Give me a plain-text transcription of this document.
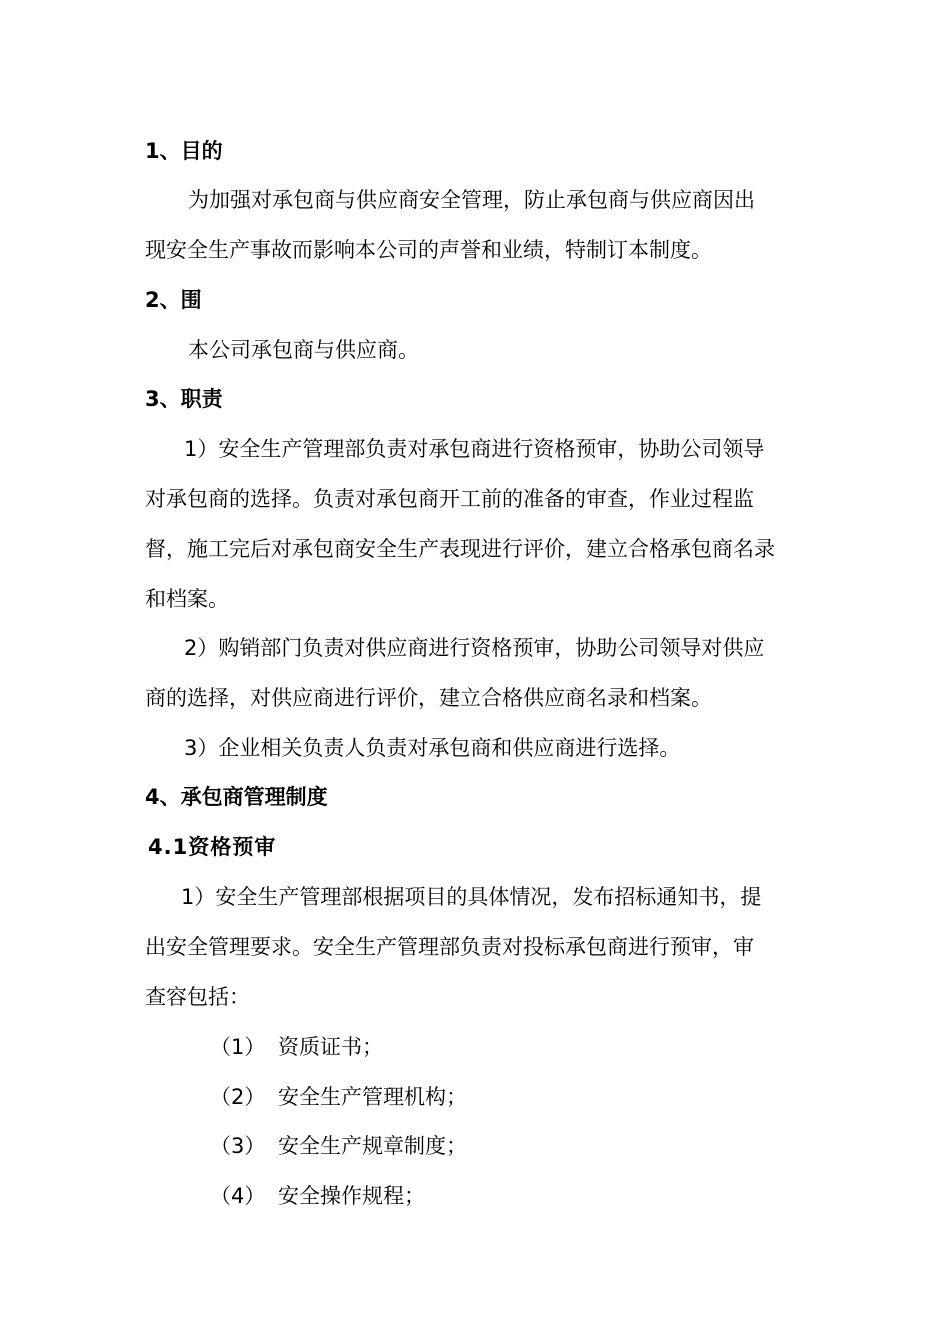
1、目的
为加强对承包商与供应商安全管理，防止承包商与供应商因出
现安全生产事故而影响本公司的声誉和业绩，特制订本制度。
2、围
本公司承包商与供应商。
3、职责
1）安全生产管理部负责对承包商进行资格预审，协助公司领导
对承包商的选择。负责对承包商开工前的准备的审查，作业过程监
督，施工完后对承包商安全生产表现进行评价，建立合格承包商名录
和档案。
2）购销部门负责对供应商进行资格预审，协助公司领导对供应
商的选择，对供应商进行评价，建立合格供应商名录和档案。
3）企业相关负责人负责对承包商和供应商进行选择。
4、承包商管理制度
4.1资格预审
1）安全生产管理部根据项目的具体情况，发布招标通知书，提
出安全管理要求。安全生产管理部负责对投标承包商进行预审，审
查容包括：
（1） 资质证书；
（2） 安全生产管理机构；
（3） 安全生产规章制度；
（4） 安全操作规程；
